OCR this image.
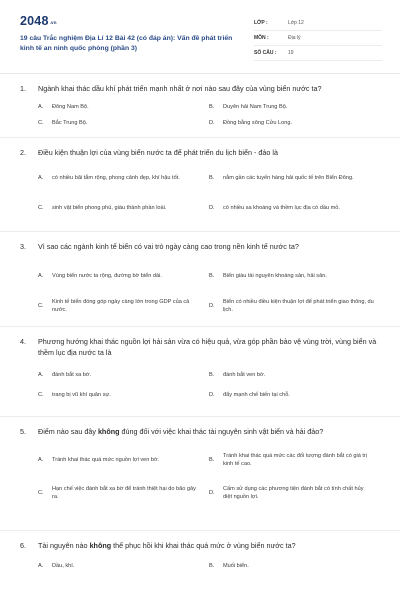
2048.vn
19 câu Trắc nghiệm Địa Lí 12 Bài 42 (có đáp án): Vấn đề phát triển kinh tế an ninh quốc phòng (phần 3)
LỚP :	Lớp 12
MÔN :	Địa lý
SỐ CÂU :	19
1.	Ngành khai thác dầu khí phát triển mạnh nhất ở nơi nào sau đây của vùng biển nước ta?
A.	Đông Nam Bộ.	B.	Duyên hải Nam Trung Bộ.
C.	Bắc Trung Bộ.	D.	Đồng bằng sông Cửu Long.
2.	Điều kiện thuận lợi của vùng biển nước ta để phát triển du lịch biển - đảo là
A.	có nhiều bãi tắm rộng, phong cảnh đẹp, khí hậu tốt.	B.	nằm gần các tuyến hàng hải quốc tế trên Biển Đông.
C.	sinh vật biển phong phú, giàu thành phần loài.	D.	có nhiều sa khoáng và thềm lục địa có dầu mỏ.
3.	Vì sao các ngành kinh tế biển có vai trò ngày càng cao trong nền kinh tế nước ta?
A.	Vùng biển nước ta rộng, đường bờ biển dài.	B.	Biển giàu tài nguyên khoáng sản, hải sản.
C.
Kinh tế biển đóng góp ngày càng lớn trong GDP của cả nước.
D.
Biển có nhiều điều kiện thuận lợi để phát triển giao thông, du lịch.
4.	Phương hướng khai thác nguồn lợi hải sản vừa có hiệu quả, vừa góp phần bảo vệ vùng trời, vùng biển và thềm lục địa nước ta là
A.	đánh bắt xa bờ.	B.	đánh bắt ven bờ.
C.	trang bị vũ khí quân sự.	D.	đẩy mạnh chế biến tại chỗ.
5.	Điểm nào sau đây không đúng đối với việc khai thác tài nguyên sinh vật biển và hải đảo?
A.	Tránh khai thác quá mức nguồn lợi ven bờ.	B.
Tránh khai thác quá mức các đối tượng đánh bắt có giá trị kinh tế cao.
C.
Hạn chế việc đánh bắt xa bờ để tránh thiệt hại do bão gây ra.
D.
Cấm sử dụng các phương tiện đánh bắt có tính chất hủy diệt nguồn lợi.
6.	Tài nguyên nào không thể phục hồi khi khai thác quá mức ở vùng biển nước ta?
A.	Dầu, khí.	B.	Muối biển.
